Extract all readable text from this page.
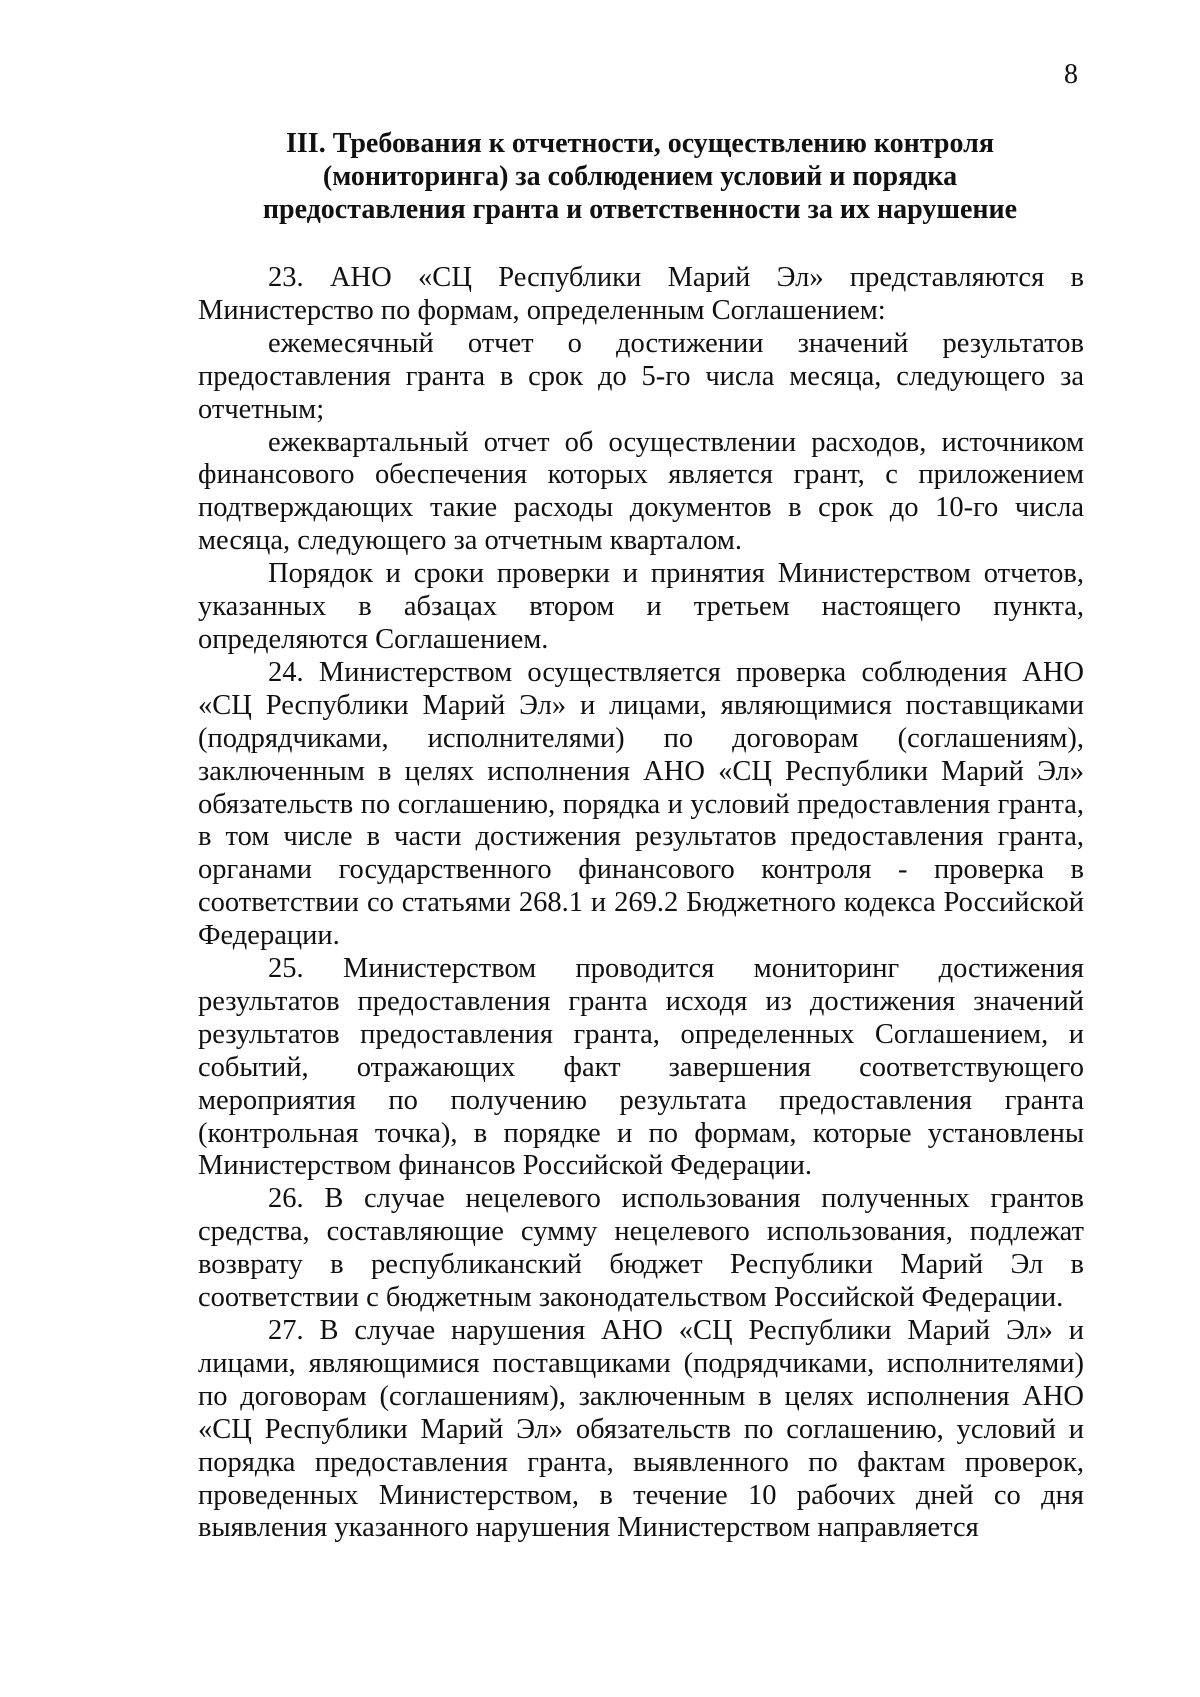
8
III. Требования к отчетности, осуществлению контроля
(мониторинга) за соблюдением условий и порядка
предоставления гранта и ответственности за их нарушение

23. АНО «СЦ Республики Марий Эл» представляются в Министерство по формам, определенным Соглашением:

ежемесячный отчет о достижении значений результатов предоставления гранта в срок до 5-го числа месяца, следующего за отчетным;

ежеквартальный отчет об осуществлении расходов, источником финансового обеспечения которых является грант, с приложением подтверждающих такие расходы документов в срок до 10-го числа месяца, следующего за отчетным кварталом.

Порядок и сроки проверки и принятия Министерством отчетов, указанных в абзацах втором и третьем настоящего пункта, определяются Соглашением.

24. Министерством осуществляется проверка соблюдения АНО «СЦ Республики Марий Эл» и лицами, являющимися поставщиками (подрядчиками, исполнителями) по договорам (соглашениям), заключенным в целях исполнения АНО «СЦ Республики Марий Эл» обязательств по соглашению, порядка и условий предоставления гранта, в том числе в части достижения результатов предоставления гранта, органами государственного финансового контроля - проверка в соответствии со статьями 268.1 и 269.2 Бюджетного кодекса Российской Федерации.

25. Министерством проводится мониторинг достижения результатов предоставления гранта исходя из достижения значений результатов предоставления гранта, определенных Соглашением, и событий, отражающих факт завершения соответствующего мероприятия по получению результата предоставления гранта (контрольная точка), в порядке и по формам, которые установлены Министерством финансов Российской Федерации.

26. В случае нецелевого использования полученных грантов средства, составляющие сумму нецелевого использования, подлежат возврату в республиканский бюджет Республики Марий Эл в соответствии с бюджетным законодательством Российской Федерации.

27. В случае нарушения АНО «СЦ Республики Марий Эл» и лицами, являющимися поставщиками (подрядчиками, исполнителями) по договорам (соглашениям), заключенным в целях исполнения АНО «СЦ Республики Марий Эл» обязательств по соглашению, условий и порядка предоставления гранта, выявленного по фактам проверок, проведенных Министерством, в течение 10 рабочих дней со дня выявления указанного нарушения Министерством направляется
